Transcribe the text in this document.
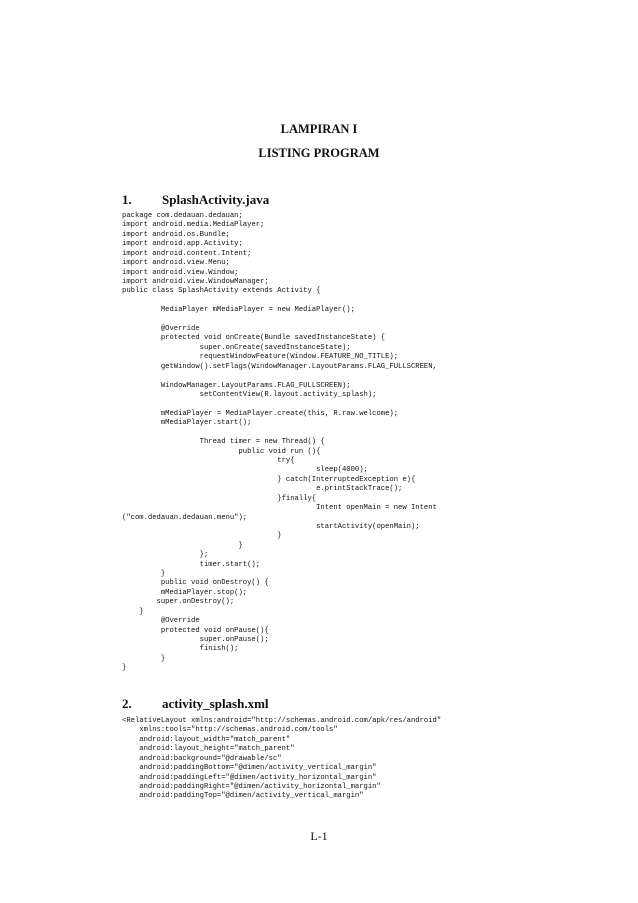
LAMPIRAN I
LISTING PROGRAM
1. SplashActivity.java
package com.dedauan.dedauan;
import android.media.MediaPlayer;
import android.os.Bundle;
import android.app.Activity;
import android.content.Intent;
import android.view.Menu;
import android.view.Window;
import android.view.WindowManager;
public class SplashActivity extends Activity {

MediaPlayer mMediaPlayer = new MediaPlayer();

@Override
protected void onCreate(Bundle savedInstanceState) {
super.onCreate(savedInstanceState);
requestWindowFeature(Window.FEATURE_NO_TITLE);
getWindow().setFlags(WindowManager.LayoutParams.FLAG_FULLSCREEN,

WindowManager.LayoutParams.FLAG_FULLSCREEN);
setContentView(R.layout.activity_splash);

mMediaPlayer = MediaPlayer.create(this, R.raw.welcome);
mMediaPlayer.start();

Thread timer = new Thread() {
public void run (){
try{
sleep(4000);
} catch(InterruptedException e){
e.printStackTrace();
}finally{
Intent openMain = new Intent
("com.dedauan.dedauan.menu");
startActivity(openMain);
}
}
};
timer.start();
}
public void onDestroy() {
mMediaPlayer.stop();
super.onDestroy();
}
@Override
protected void onPause(){
super.onPause();
finish();
}
}
2. activity_splash.xml
<RelativeLayout xmlns:android="http://schemas.android.com/apk/res/android"
xmlns:tools="http://schemas.android.com/tools"
android:layout_width="match_parent"
android:layout_height="match_parent"
android:background="@drawable/sc"
android:paddingBottom="@dimen/activity_vertical_margin"
android:paddingLeft="@dimen/activity_horizontal_margin"
android:paddingRight="@dimen/activity_horizontal_margin"
android:paddingTop="@dimen/activity_vertical_margin"
L-1
